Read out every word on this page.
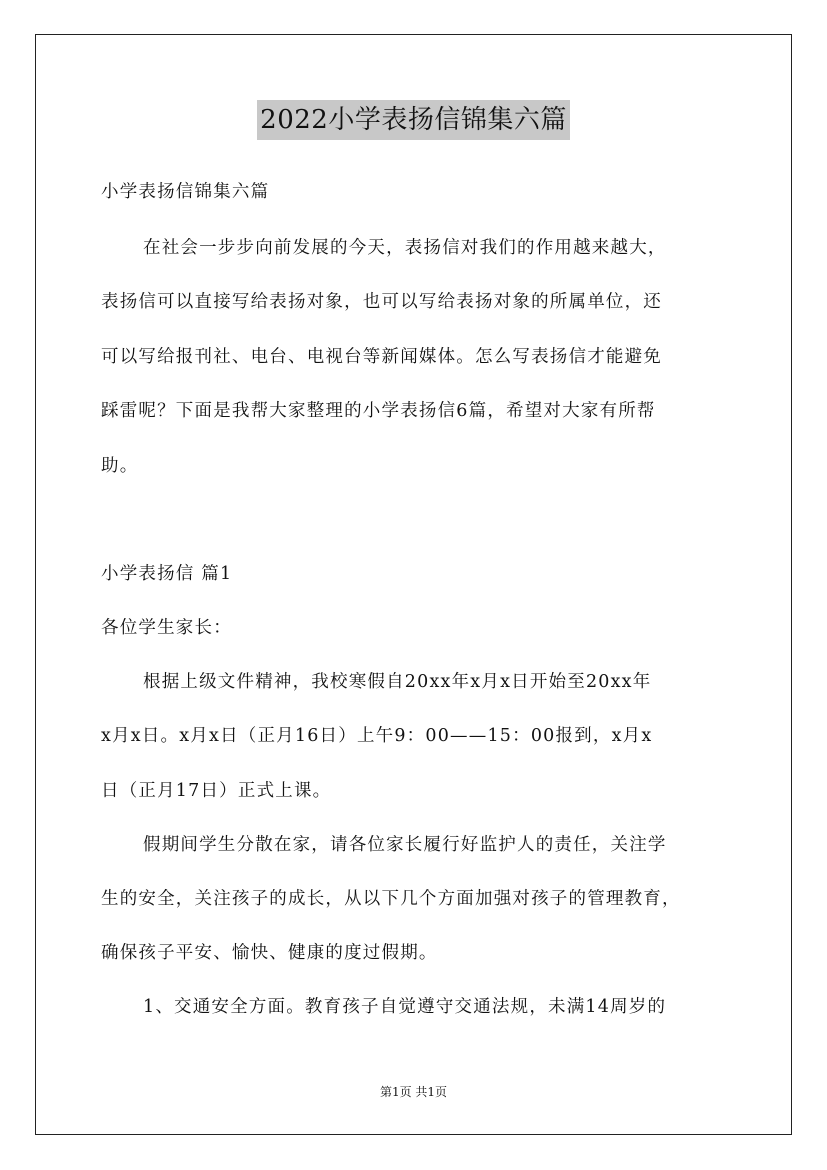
2022小学表扬信锦集六篇
小学表扬信锦集六篇
在社会一步步向前发展的今天，表扬信对我们的作用越来越大，
表扬信可以直接写给表扬对象，也可以写给表扬对象的所属单位，还
可以写给报刊社、电台、电视台等新闻媒体。怎么写表扬信才能避免
踩雷呢？下面是我帮大家整理的小学表扬信6篇，希望对大家有所帮
助。
小学表扬信 篇1
各位学生家长：
根据上级文件精神，我校寒假自20xx年x月x日开始至20xx年
x月x日。x月x日（正月16日）上午9：00——15：00报到，x月x
日（正月17日）正式上课。
假期间学生分散在家，请各位家长履行好监护人的责任，关注学
生的安全，关注孩子的成长，从以下几个方面加强对孩子的管理教育，
确保孩子平安、愉快、健康的度过假期。
1、交通安全方面。教育孩子自觉遵守交通法规，未满14周岁的
第1页 共1页
